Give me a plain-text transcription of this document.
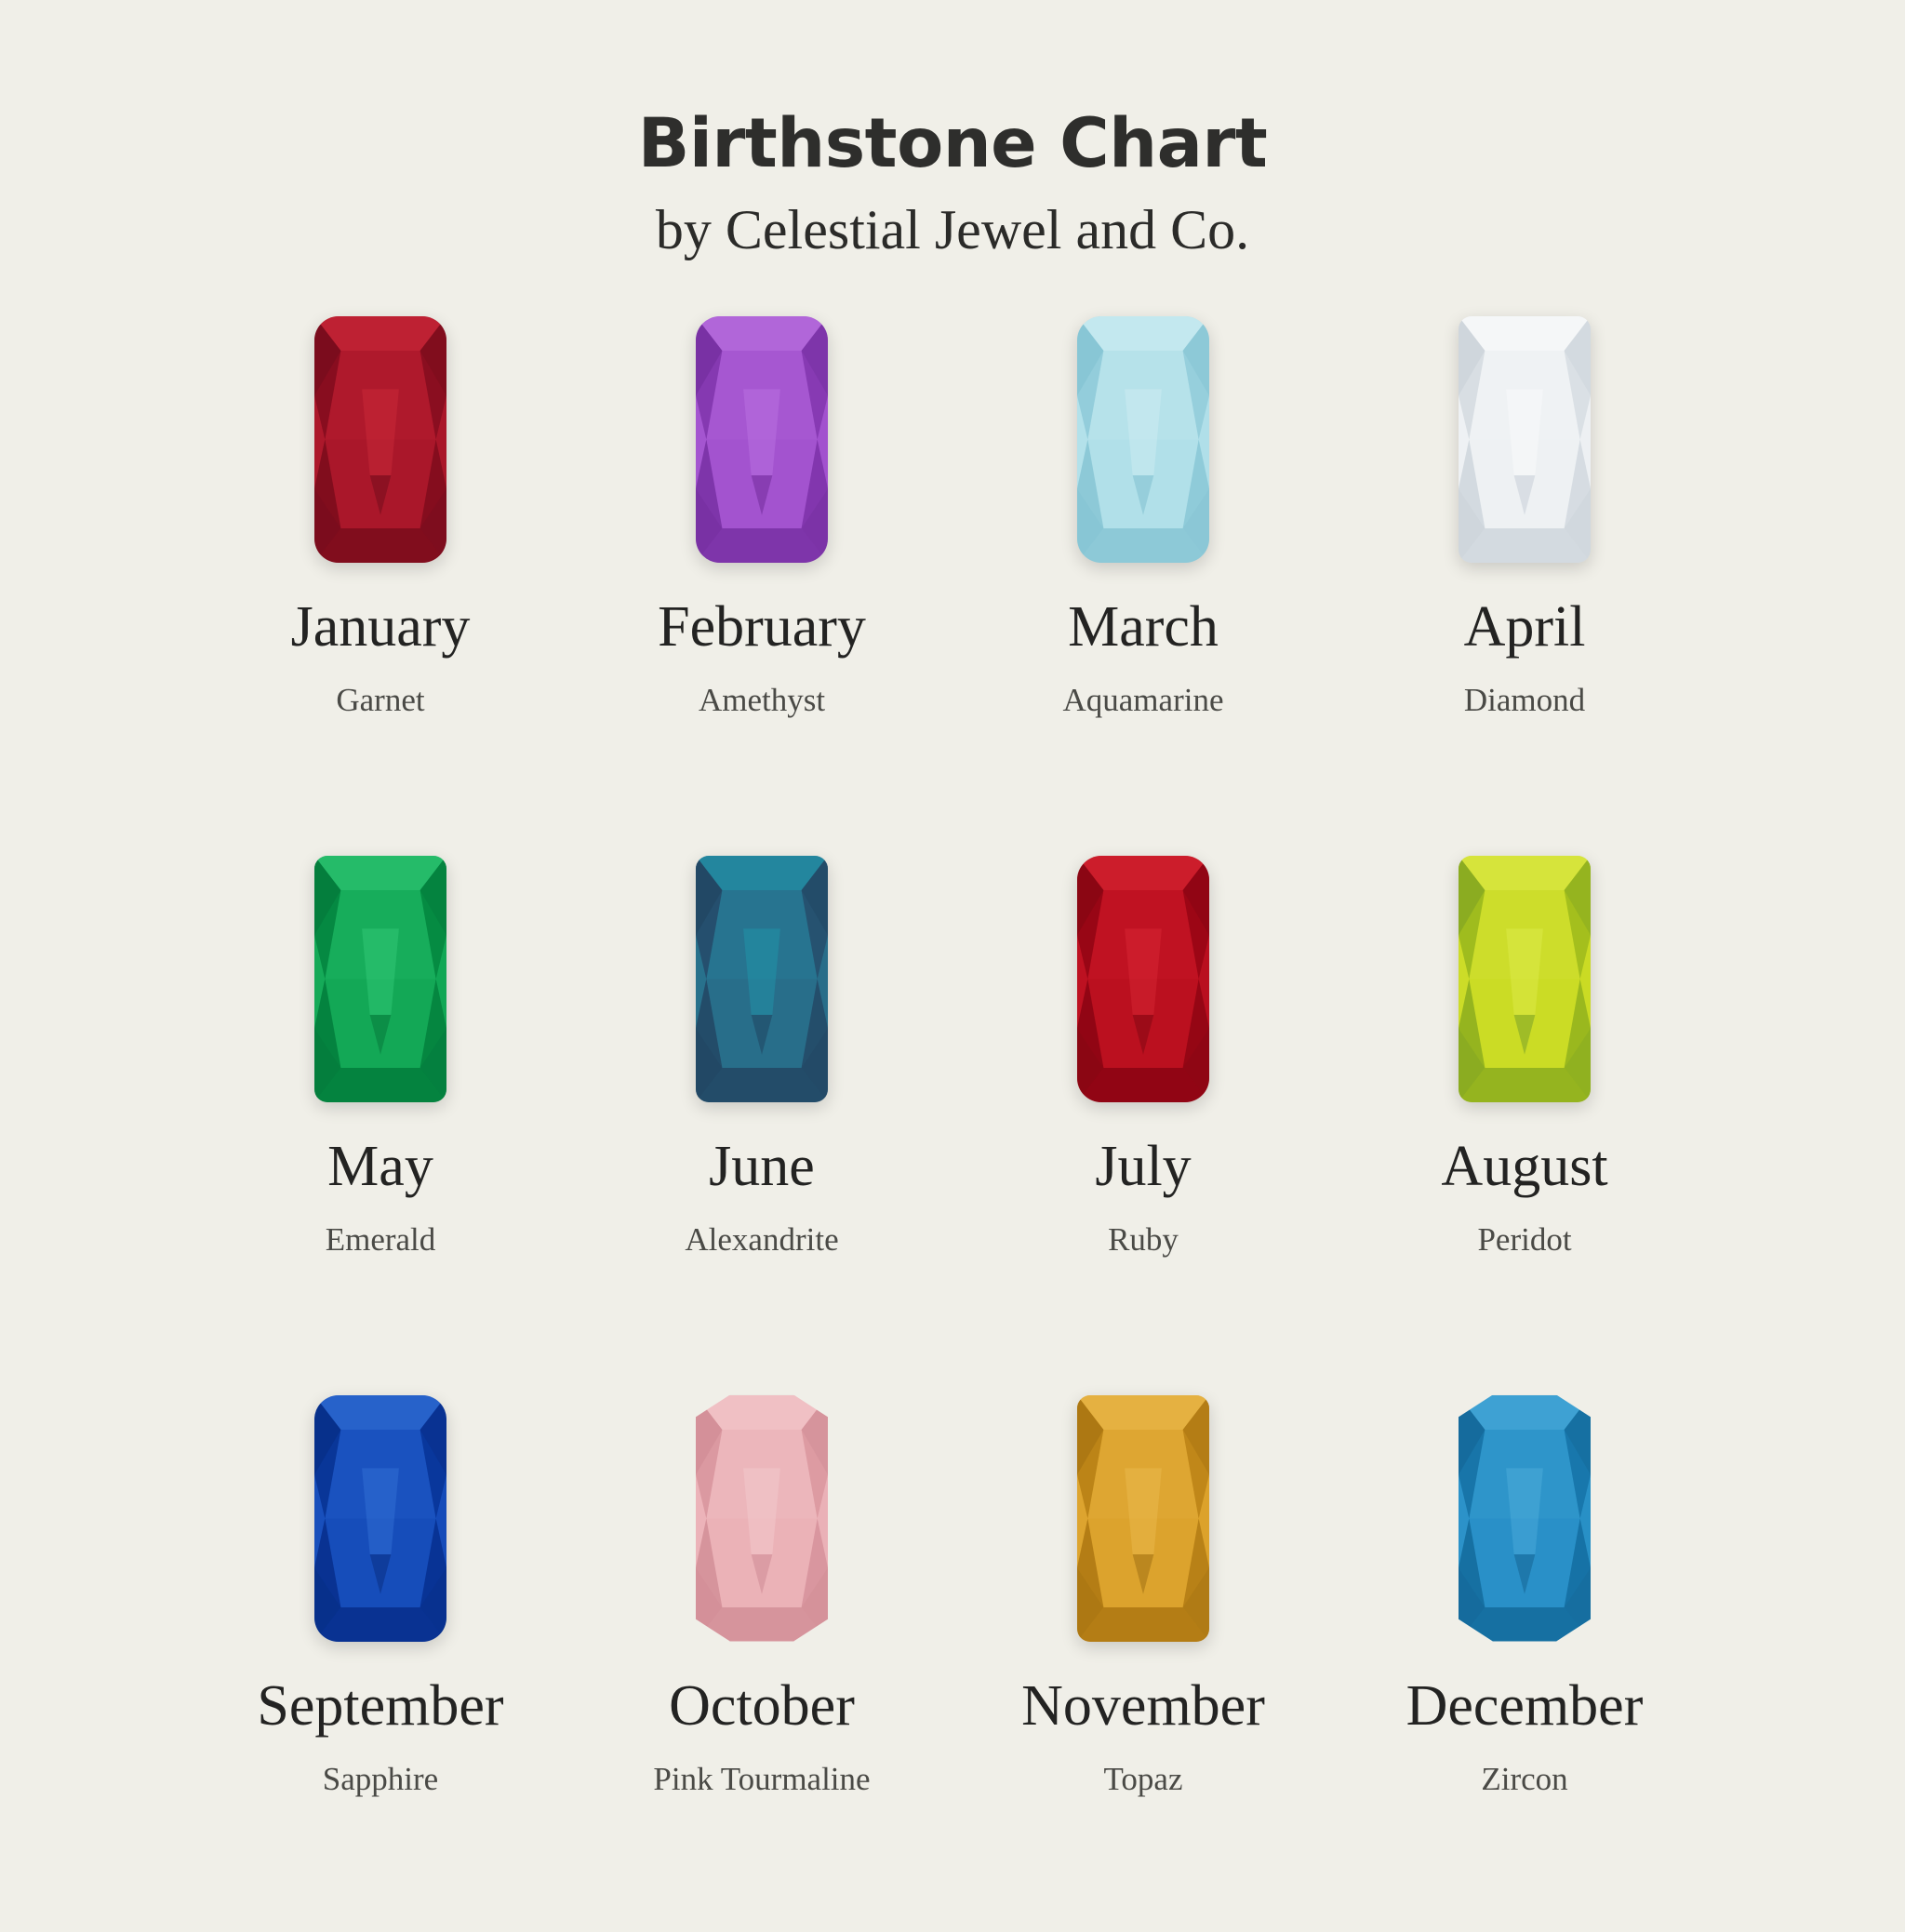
Birthstone Chart
by Celestial Jewel and Co.
January
Garnet
February
Amethyst
March
Aquamarine
April
Diamond
May
Emerald
June
Alexandrite
July
Ruby
August
Peridot
September
Sapphire
October
Pink Tourmaline
November
Topaz
December
Zircon
